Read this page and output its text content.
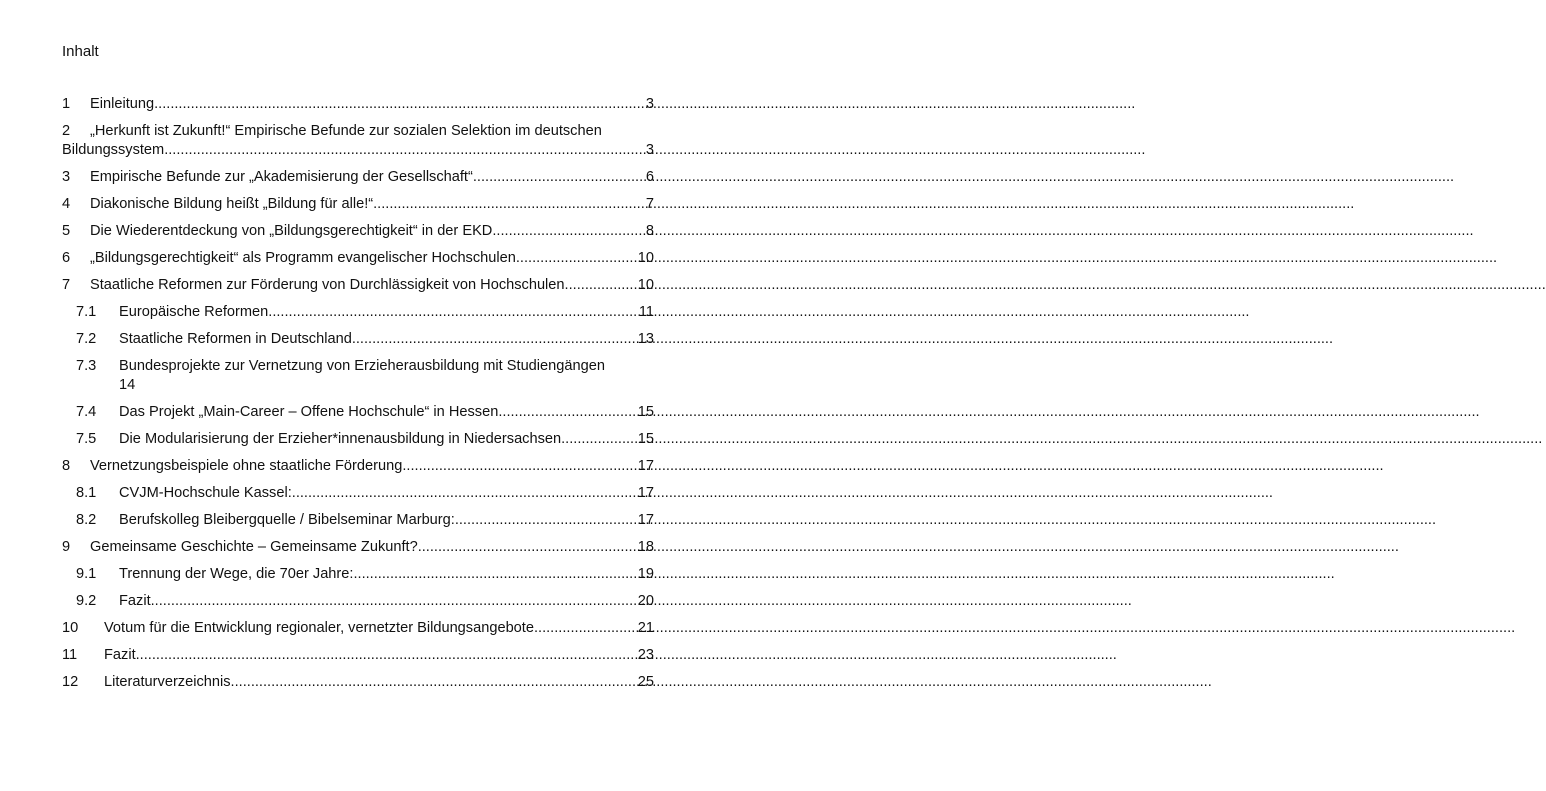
Inhalt
1	Einleitung .....	3
2 „Herkunft ist Zukunft!“ Empirische Befunde zur sozialen Selektion im deutschen
Bildungssystem .....	3
3	Empirische Befunde zur „Akademisierung der Gesellschaft“ .....	6
4	Diakonische Bildung heißt „Bildung für alle!“ .....	7
5	Die Wiederentdeckung von „Bildungsgerechtigkeit“ in der EKD .....	8
6	„Bildungsgerechtigkeit“ als Programm evangelischer Hochschulen .....	10
7	Staatliche Reformen zur Förderung von Durchlässigkeit von Hochschulen .....	10
7.1	Europäische Reformen .....	11
7.2	Staatliche Reformen in Deutschland .....	13
7.3 Bundesprojekte zur Vernetzung von Erzieherausbildung mit Studiengängen
14
7.4	Das Projekt „Main-Career – Offene Hochschule“ in Hessen .....	15
7.5	Die Modularisierung der Erzieher*innenausbildung in Niedersachsen .....	15
8	Vernetzungsbeispiele ohne staatliche Förderung .....	17
8.1	CVJM-Hochschule Kassel: .....	17
8.2	Berufskolleg Bleibergquelle / Bibelseminar Marburg: .....	17
9	Gemeinsame Geschichte – Gemeinsame Zukunft? .....	18
9.1	Trennung der Wege, die 70er Jahre: .....	19
9.2	Fazit .....	20
10	Votum für die Entwicklung regionaler, vernetzter Bildungsangebote .....	21
11	Fazit .....	23
12	Literaturverzeichnis .....	25
